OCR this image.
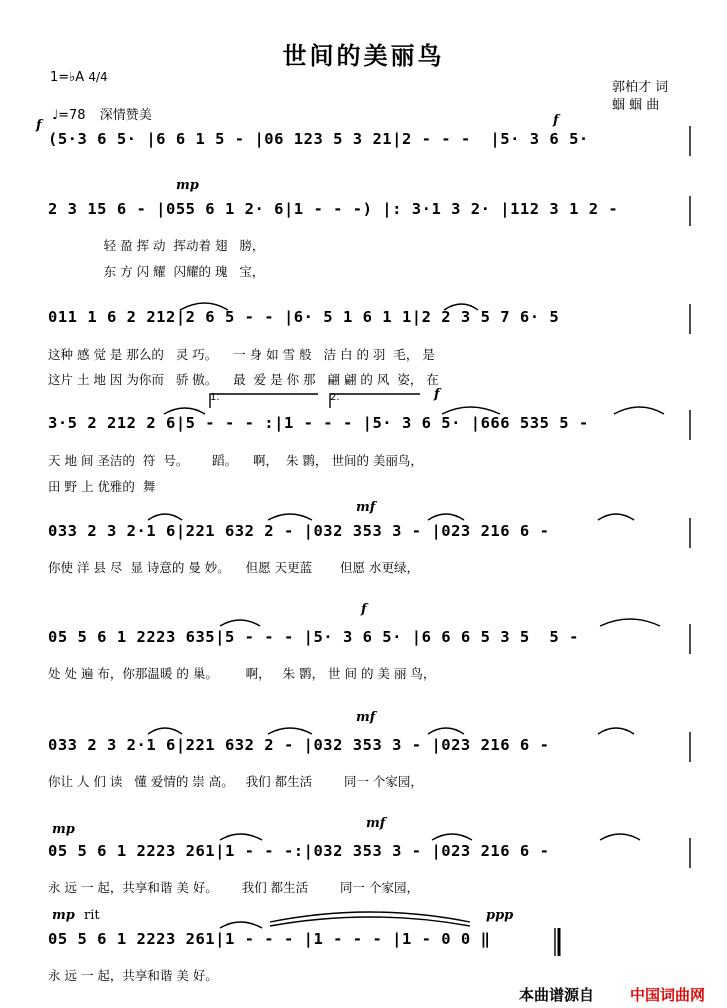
世间的美丽鸟
1=♭A 4/4
♩=78 深情赞美
郭柏才 词
蝈 蝈 曲
f	f
mp
f
mf
f
mf
mp	mf
mp rit	ppp
1.	2.
(5·3 6 5· |6 6 1 5 - |06 123 5 3 21|2 - - -  |5· 3 6 5·
2 3 15 6 - |055 6 1 2· 6|1 - - -) |: 3·1 3 2· |112 3 1 2 -
轻 盈 挥 动  挥动着 翅   膀，
东 方 闪 耀  闪耀的 瑰   宝，
011 1 6 2 212|2 6 5 - - |6· 5 1 6 1 1|2 2 3 5 7 6· 5
这种 感 觉 是 那么的   灵 巧。    一 身 如 雪 般   洁 白 的 羽  毛， 是
这片 土 地 因 为你而   骄 傲。    最  爱 是 你 那   翩 翩 的 风  姿， 在
3·5 2 212 2 6|5 - - - :|1 - - - |5· 3 6 5· |666 535 5 -
天 地 间 圣洁的  符  号。      蹈。    啊，  朱 鹮， 世间的 美丽鸟，
田 野 上 优雅的  舞
033 2 3 2·1 6|221 632 2 - |032 353 3 - |023 216 6 -
你使 洋 县 尽  显 诗意的 曼 妙。    但愿 天更蓝       但愿 水更绿，
05 5 6 1 2223 635|5 - - - |5· 3 6 5· |6 6 6 5 3 5  5 -
处 处 遍 布，你那温暖 的 巢。       啊，   朱 鹮， 世 间 的 美 丽 鸟，
033 2 3 2·1 6|221 632 2 - |032 353 3 - |023 216 6 -
你让 人 们 读   懂 爱情的 崇 高。   我们 都生活        同一 个家园，
05 5 6 1 2223 261|1 - - -:|032 353 3 - |023 216 6 -
永 远 一 起，共享和谐 美 好。      我们 都生活        同一 个家园，
05 5 6 1 2223 261|1 - - - |1 - - - |1 - 0 0 ‖
永 远 一 起，共享和谐 美 好。
本曲谱源自 中国词曲网
